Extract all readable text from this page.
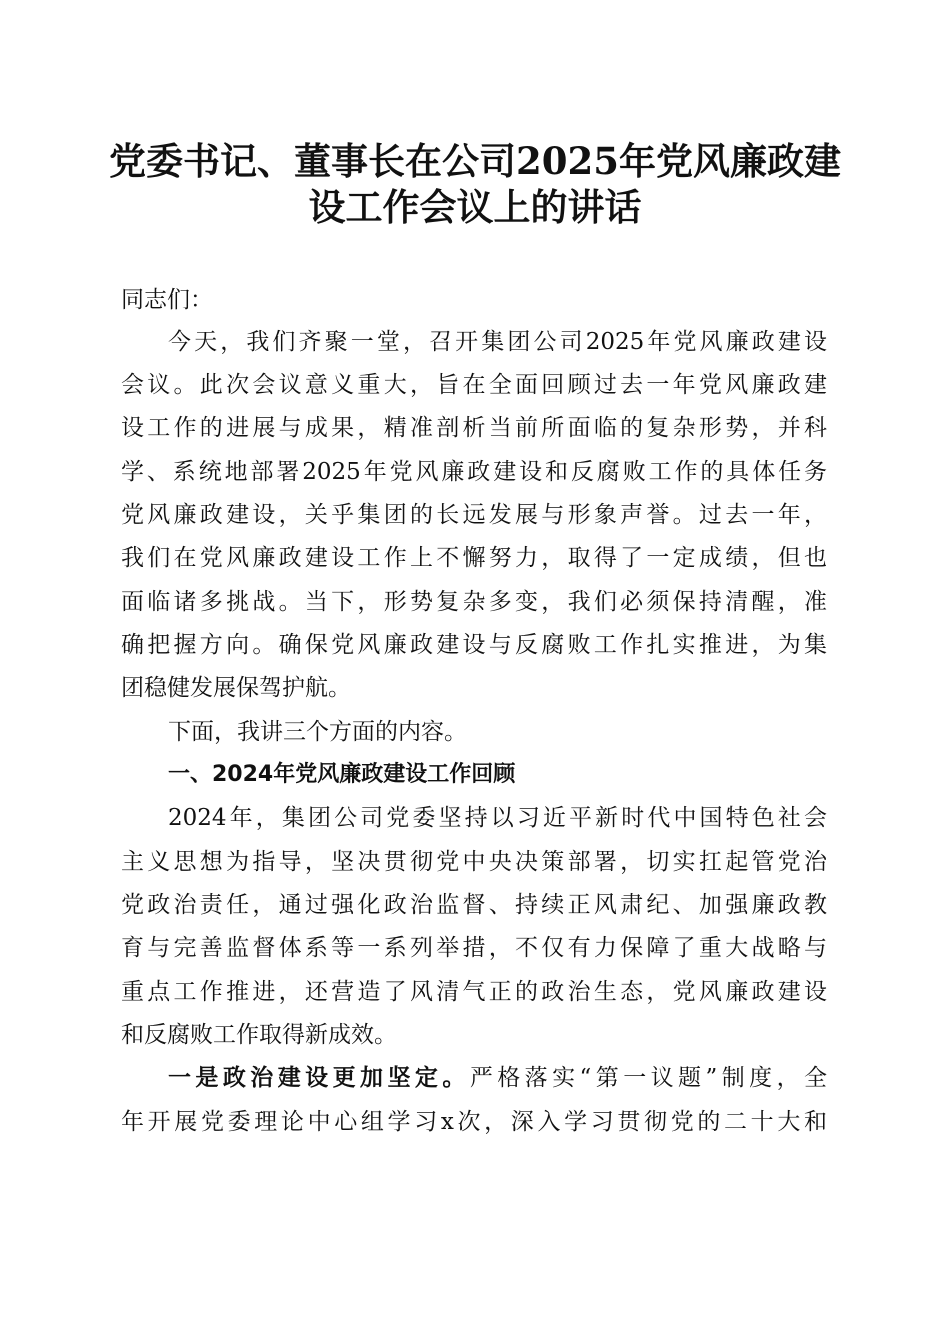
党委书记、董事长在公司2025年党风廉政建
设工作会议上的讲话
同志们：
今天，我们齐聚一堂，召开集团公司2025年党风廉政建设
会议。此次会议意义重大，旨在全面回顾过去一年党风廉政建
设工作的进展与成果，精准剖析当前所面临的复杂形势，并科
学、系统地部署2025年党风廉政建设和反腐败工作的具体任务
党风廉政建设，关乎集团的长远发展与形象声誉。过去一年，
我们在党风廉政建设工作上不懈努力，取得了一定成绩，但也
面临诸多挑战。当下，形势复杂多变，我们必须保持清醒，准
确把握方向。确保党风廉政建设与反腐败工作扎实推进，为集
团稳健发展保驾护航。
下面，我讲三个方面的内容。
一、2024年党风廉政建设工作回顾
2024年，集团公司党委坚持以习近平新时代中国特色社会
主义思想为指导，坚决贯彻党中央决策部署，切实扛起管党治
党政治责任，通过强化政治监督、持续正风肃纪、加强廉政教
育与完善监督体系等一系列举措，不仅有力保障了重大战略与
重点工作推进，还营造了风清气正的政治生态，党风廉政建设
和反腐败工作取得新成效。
一是政治建设更加坚定。严格落实“第一议题”制度，全
年开展党委理论中心组学习x次，深入学习贯彻党的二十大和
